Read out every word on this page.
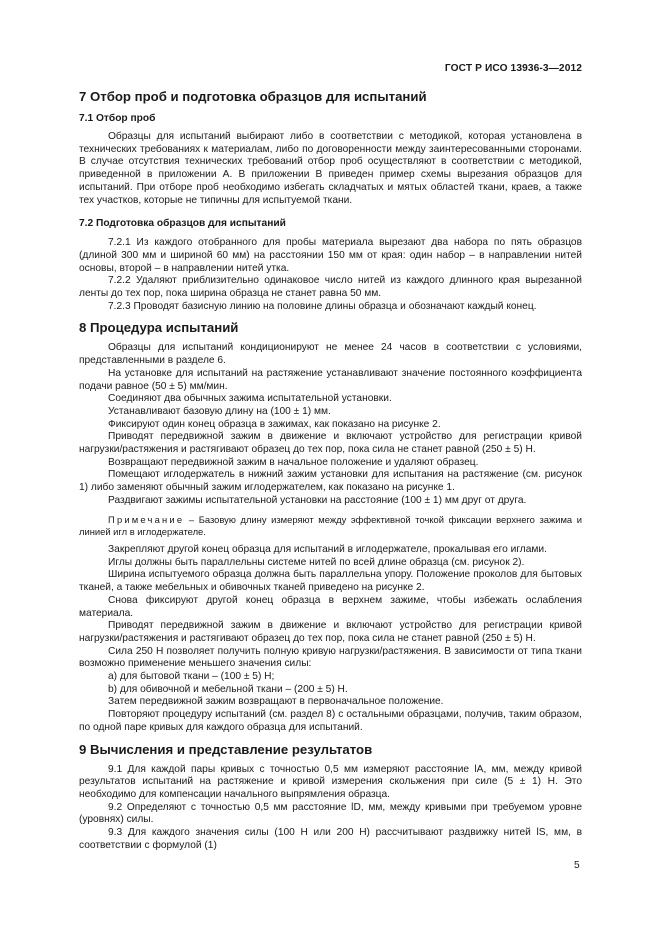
ГОСТ Р ИСО 13936-3—2012
7 Отбор проб и подготовка образцов для испытаний
7.1 Отбор проб

Образцы для испытаний выбирают либо в соответствии с методикой, которая установлена в технических требованиях к материалам, либо по договоренности между заинтересованными сторонами. В случае отсутствия технических требований отбор проб осуществляют в соответствии с методикой, приведенной в приложении А. В приложении В приведен пример схемы вырезания образцов для испытаний. При отборе проб необходимо избегать складчатых и мятых областей ткани, краев, а также тех участков, которые не типичны для испытуемой ткани.

7.2 Подготовка образцов для испытаний

7.2.1 Из каждого отобранного для пробы материала вырезают два набора по пять образцов (длиной 300 мм и шириной 60 мм) на расстоянии 150 мм от края: один набор – в направлении нитей основы, второй – в направлении нитей утка.

7.2.2 Удаляют приблизительно одинаковое число нитей из каждого длинного края вырезанной ленты до тех пор, пока ширина образца не станет равна 50 мм.

7.2.3 Проводят базисную линию на половине длины образца и обозначают каждый конец.

8 Процедура испытаний

Образцы для испытаний кондиционируют не менее 24 часов в соответствии с условиями, представленными в разделе 6.

На установке для испытаний на растяжение устанавливают значение постоянного коэффициента подачи равное (50 ± 5) мм/мин.

Соединяют два обычных зажима испытательной установки.

Устанавливают базовую длину на (100 ± 1) мм.

Фиксируют один конец образца в зажимах, как показано на рисунке 2.

Приводят передвижной зажим в движение и включают устройство для регистрации кривой нагрузки/растяжения и растягивают образец до тех пор, пока сила не станет равной (250 ± 5) Н.

Возвращают передвижной зажим в начальное положение и удаляют образец.

Помещают иглодержатель в нижний зажим установки для испытания на растяжение (см. рисунок 1) либо заменяют обычный зажим иглодержателем, как показано на рисунке 1.

Раздвигают зажимы испытательной установки на расстояние (100 ± 1) мм друг от друга.

Примечание – Базовую длину измеряют между эффективной точкой фиксации верхнего зажима и линией игл в иглодержателе.

Закрепляют другой конец образца для испытаний в иглодержателе, прокалывая его иглами.

Иглы должны быть параллельны системе нитей по всей длине образца (см. рисунок 2).

Ширина испытуемого образца должна быть параллельна упору. Положение проколов для бытовых тканей, а также мебельных и обивочных тканей приведено на рисунке 2.

Снова фиксируют другой конец образца в верхнем зажиме, чтобы избежать ослабления материала.

Приводят передвижной зажим в движение и включают устройство для регистрации кривой нагрузки/растяжения и растягивают образец до тех пор, пока сила не станет равной (250 ± 5) Н.

Сила 250 Н позволяет получить полную кривую нагрузки/растяжения. В зависимости от типа ткани возможно применение меньшего значения силы:

а) для бытовой ткани – (100 ± 5) Н;

b) для обивочной и мебельной ткани – (200 ± 5) Н.

Затем передвижной зажим возвращают в первоначальное положение.

Повторяют процедуру испытаний (см. раздел 8) с остальными образцами, получив, таким образом, по одной паре кривых для каждого образца для испытаний.

9 Вычисления и представление результатов

9.1 Для каждой пары кривых с точностью 0,5 мм измеряют расстояние lA, мм, между кривой результатов испытаний на растяжение и кривой измерения скольжения при силе (5 ± 1) Н. Это необходимо для компенсации начального выпрямления образца.

9.2 Определяют с точностью 0,5 мм расстояние lD, мм, между кривыми при требуемом уровне (уровнях) силы.

9.3 Для каждого значения силы (100 Н или 200 Н) рассчитывают раздвижку нитей lS, мм, в соответствии с формулой (1)

5
